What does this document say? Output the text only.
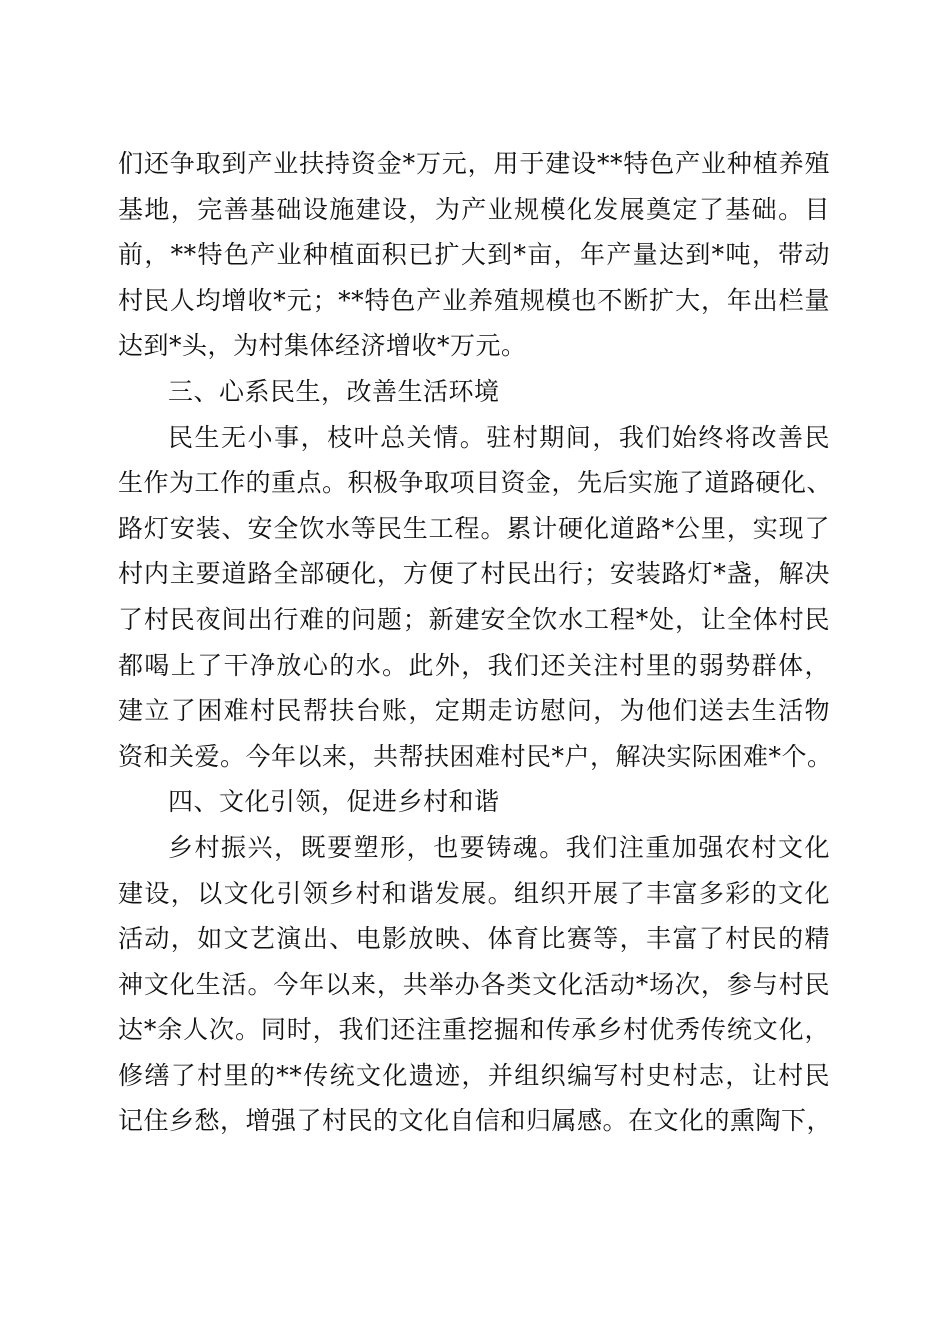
们还争取到产业扶持资金*万元，用于建设**特色产业种植养殖
基地，完善基础设施建设，为产业规模化发展奠定了基础。目
前，**特色产业种植面积已扩大到*亩，年产量达到*吨，带动
村民人均增收*元；**特色产业养殖规模也不断扩大，年出栏量
达到*头，为村集体经济增收*万元。
三、心系民生，改善生活环境
民生无小事，枝叶总关情。驻村期间，我们始终将改善民
生作为工作的重点。积极争取项目资金，先后实施了道路硬化、
路灯安装、安全饮水等民生工程。累计硬化道路*公里，实现了
村内主要道路全部硬化，方便了村民出行；安装路灯*盏，解决
了村民夜间出行难的问题；新建安全饮水工程*处，让全体村民
都喝上了干净放心的水。此外，我们还关注村里的弱势群体，
建立了困难村民帮扶台账，定期走访慰问，为他们送去生活物
资和关爱。今年以来，共帮扶困难村民*户，解决实际困难*个。
四、文化引领，促进乡村和谐
乡村振兴，既要塑形，也要铸魂。我们注重加强农村文化
建设，以文化引领乡村和谐发展。组织开展了丰富多彩的文化
活动，如文艺演出、电影放映、体育比赛等，丰富了村民的精
神文化生活。今年以来，共举办各类文化活动*场次，参与村民
达*余人次。同时，我们还注重挖掘和传承乡村优秀传统文化，
修缮了村里的**传统文化遗迹，并组织编写村史村志，让村民
记住乡愁，增强了村民的文化自信和归属感。在文化的熏陶下，
